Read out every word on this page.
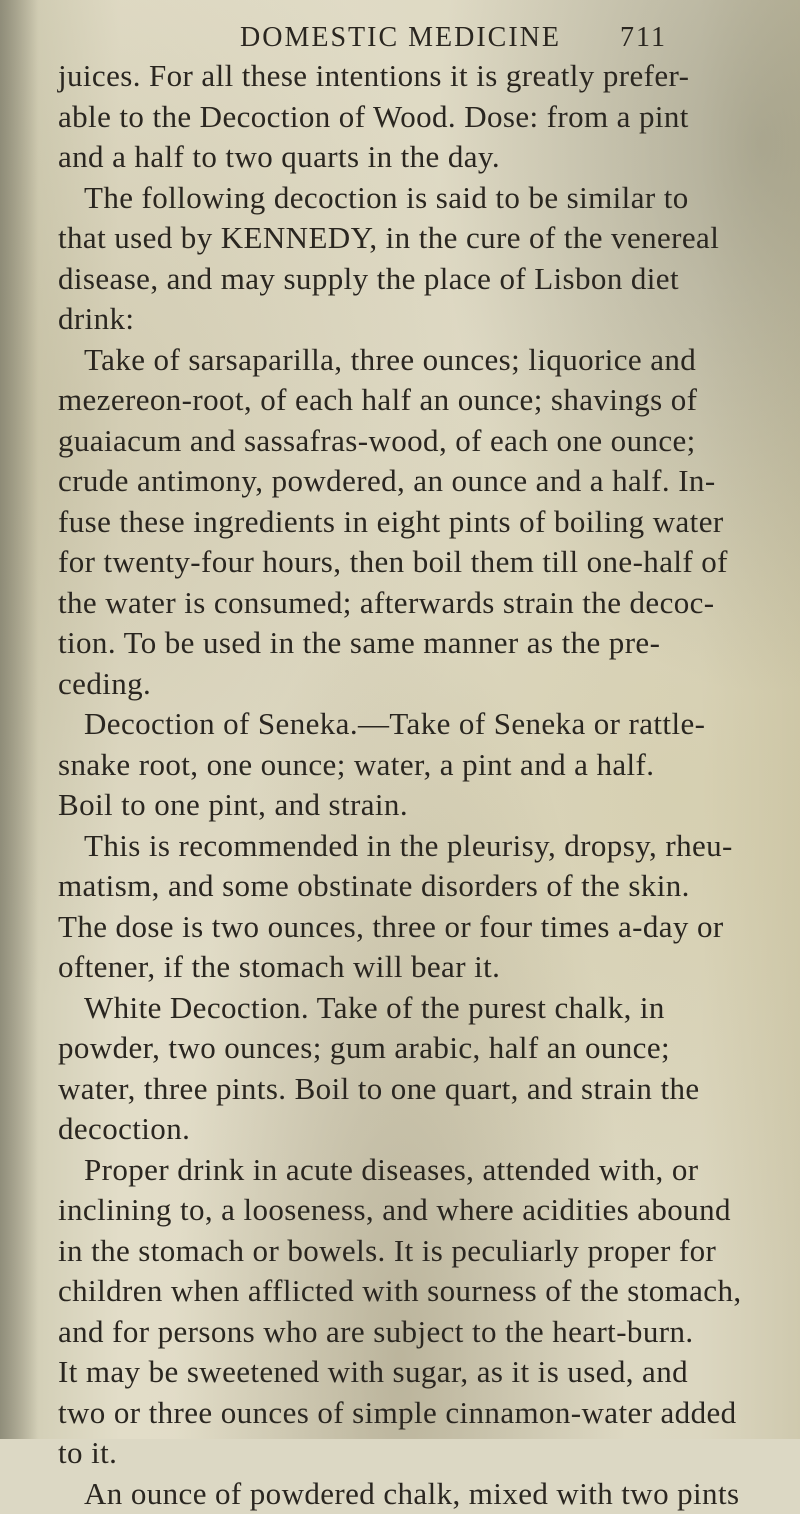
DOMESTIC MEDICINE 711
juices. For all these intentions it is greatly prefer-
able to the Decoction of Wood. Dose: from a pint
and a half to two quarts in the day.
The following decoction is said to be similar to
that used by KENNEDY, in the cure of the venereal
disease, and may supply the place of Lisbon diet
drink:
Take of sarsaparilla, three ounces; liquorice and
mezereon-root, of each half an ounce; shavings of
guaiacum and sassafras-wood, of each one ounce;
crude antimony, powdered, an ounce and a half. In-
fuse these ingredients in eight pints of boiling water
for twenty-four hours, then boil them till one-half of
the water is consumed; afterwards strain the decoc-
tion. To be used in the same manner as the pre-
ceding.
Decoction of Seneka.—Take of Seneka or rattle-
snake root, one ounce; water, a pint and a half.
Boil to one pint, and strain.
This is recommended in the pleurisy, dropsy, rheu-
matism, and some obstinate disorders of the skin.
The dose is two ounces, three or four times a-day or
oftener, if the stomach will bear it.
White Decoction. Take of the purest chalk, in
powder, two ounces; gum arabic, half an ounce;
water, three pints. Boil to one quart, and strain the
decoction.
Proper drink in acute diseases, attended with, or
inclining to, a looseness, and where acidities abound
in the stomach or bowels. It is peculiarly proper for
children when afflicted with sourness of the stomach,
and for persons who are subject to the heart-burn.
It may be sweetened with sugar, as it is used, and
two or three ounces of simple cinnamon-water added
to it.
An ounce of powdered chalk, mixed with two pints
